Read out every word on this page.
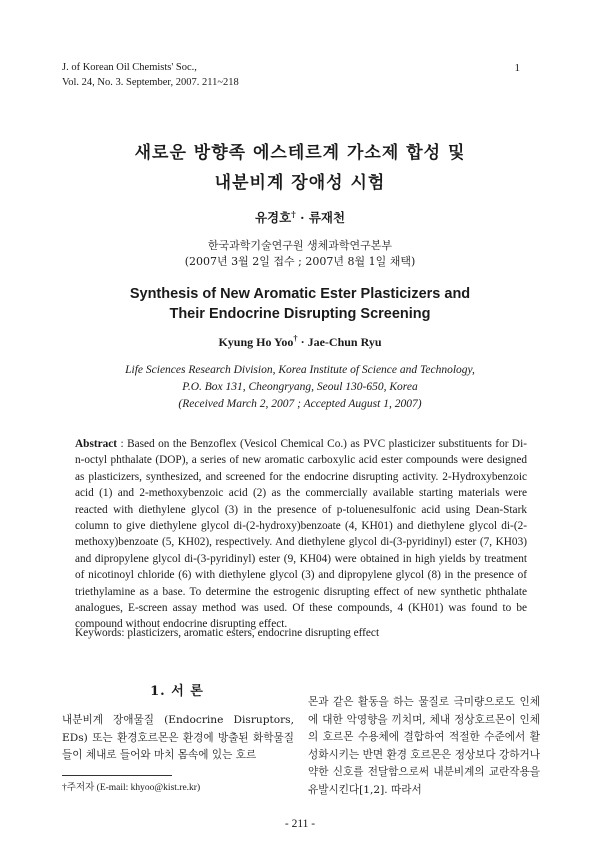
J. of Korean Oil Chemists' Soc.,
Vol. 24, No. 3. September, 2007. 211~218
1
새로운 방향족 에스테르계 가소제 합성 및
내분비계 장애성 시험
유경호† · 류재천
한국과학기술연구원 생체과학연구본부
(2007년 3월 2일 접수 ; 2007년 8월 1일 채택)
Synthesis of New Aromatic Ester Plasticizers and
Their Endocrine Disrupting Screening
Kyung Ho Yoo† · Jae-Chun Ryu
Life Sciences Research Division, Korea Institute of Science and Technology,
P.O. Box 131, Cheongryang, Seoul 130-650, Korea
(Received March 2, 2007 ; Accepted August 1, 2007)
Abstract : Based on the Benzoflex (Vesicol Chemical Co.) as PVC plasticizer substituents for Di-n-octyl phthalate (DOP), a series of new aromatic carboxylic acid ester compounds were designed as plasticizers, synthesized, and screened for the endocrine disrupting activity. 2-Hydroxybenzoic acid (1) and 2-methoxybenzoic acid (2) as the commercially available starting materials were reacted with diethylene glycol (3) in the presence of p-toluenesulfonic acid using Dean-Stark column to give diethylene glycol di-(2-hydroxy)benzoate (4, KH01) and diethylene glycol di-(2-methoxy)benzoate (5, KH02), respectively. And diethylene glycol di-(3-pyridinyl) ester (7, KH03) and dipropylene glycol di-(3-pyridinyl) ester (9, KH04) were obtained in high yields by treatment of nicotinoyl chloride (6) with diethylene glycol (3) and dipropylene glycol (8) in the presence of triethylamine as a base. To determine the estrogenic disrupting effect of new synthetic phthalate analogues, E-screen assay method was used. Of these compounds, 4 (KH01) was found to be compound without endocrine disrupting effect.
Keywords: plasticizers, aromatic esters, endocrine disrupting effect
1. 서 론
내분비계 장애물질 (Endocrine Disruptors, EDs) 또는 환경호르몬은 환경에 방출된 화학물질들이 체내로 들어와 마치 몸속에 있는 호르
몬과 같은 활동을 하는 물질로 극미량으로도 인체에 대한 악영향을 끼치며, 체내 정상호르몬이 인체의 호르몬 수용체에 결합하여 적절한 수준에서 활성화시키는 반면 환경 호르몬은 정상보다 강하거나 약한 신호를 전달함으로써 내분비계의 교란작용을 유발시킨다[1,2]. 따라서
†주저자 (E-mail: khyoo@kist.re.kr)
- 211 -
